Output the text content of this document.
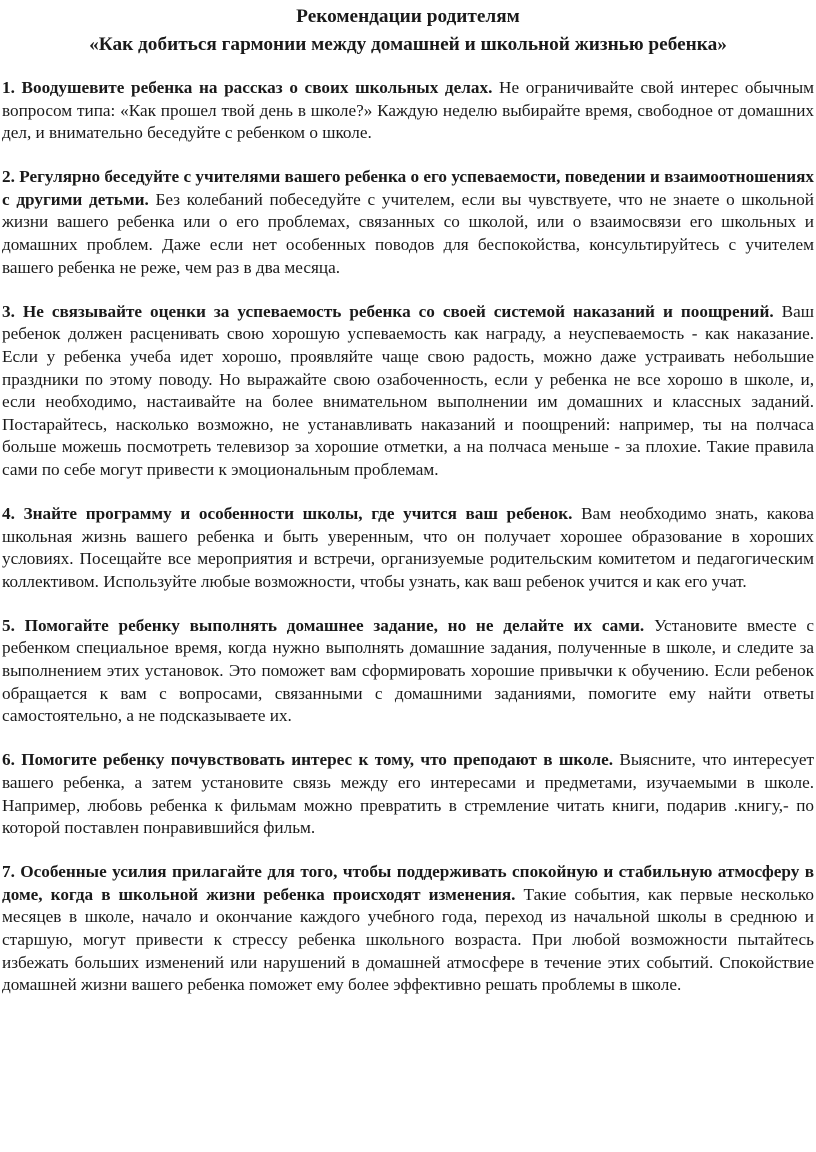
Рекомендации родителям
«Как добиться гармонии между домашней и школьной жизнью ребенка»

1. Воодушевите ребенка на рассказ о своих школьных делах. Не ограничивайте свой интерес обычным вопросом типа: «Как прошел твой день в школе?» Каждую неделю выбирайте время, свободное от домашних дел, и внимательно беседуйте с ребенком о школе.

2. Регулярно беседуйте с учителями вашего ребенка о его успеваемости, поведении и взаимоотношениях с другими детьми. Без колебаний побеседуйте с учителем, если вы чувствуете, что не знаете о школьной жизни вашего ребенка или о его проблемах, связанных со школой, или о взаимосвязи его школьных и домашних проблем. Даже если нет особенных поводов для беспокойства, консультируйтесь с учителем вашего ребенка не реже, чем раз в два месяца.

3. Не связывайте оценки за успеваемость ребенка со своей системой наказаний и поощрений. Ваш ребенок должен расценивать свою хорошую успеваемость как награду, а неуспеваемость - как наказание. Если у ребенка учеба идет хорошо, проявляйте чаще свою радость, можно даже устраивать небольшие праздники по этому поводу. Но выражайте свою озабоченность, если у ребенка не все хорошо в школе, и, если необходимо, настаивайте на более внимательном выполнении им домашних и классных заданий. Постарайтесь, насколько возможно, не устанавливать наказаний и поощрений: например, ты на полчаса больше можешь посмотреть телевизор за хорошие отметки, а на полчаса меньше - за плохие. Такие правила сами по себе могут привести к эмоциональным проблемам.

4. Знайте программу и особенности школы, где учится ваш ребенок. Вам необходимо знать, какова школьная жизнь вашего ребенка и быть уверенным, что он получает хорошее образование в хороших условиях. Посещайте все мероприятия и встречи, организуемые родительским комитетом и педагогическим коллективом. Используйте любые возможности, чтобы узнать, как ваш ребенок учится и как его учат.

5. Помогайте ребенку выполнять домашнее задание, но не делайте их сами. Установите вместе с ребенком специальное время, когда нужно выполнять домашние задания, полученные в школе, и следите за выполнением этих установок. Это поможет вам сформировать хорошие привычки к обучению. Если ребенок обращается к вам с вопросами, связанными с домашними заданиями, помогите ему найти ответы самостоятельно, а не подсказываете их.

6. Помогите ребенку почувствовать интерес к тому, что преподают в школе. Выясните, что интересует вашего ребенка, а затем установите связь между его интересами и предметами, изучаемыми в школе. Например, любовь ребенка к фильмам можно превратить в стремление читать книги, подарив .книгу,- по которой поставлен понравившийся фильм.

7. Особенные усилия прилагайте для того, чтобы поддерживать спокойную и стабильную атмосферу в доме, когда в школьной жизни ребенка происходят изменения. Такие события, как первые несколько месяцев в школе, начало и окончание каждого учебного года, переход из начальной школы в среднюю и старшую, могут привести к стрессу ребенка школьного возраста. При любой возможности пытайтесь избежать больших изменений или нарушений в домашней атмосфере в течение этих событий. Спокойствие домашней жизни вашего ребенка поможет ему более эффективно решать проблемы в школе.
